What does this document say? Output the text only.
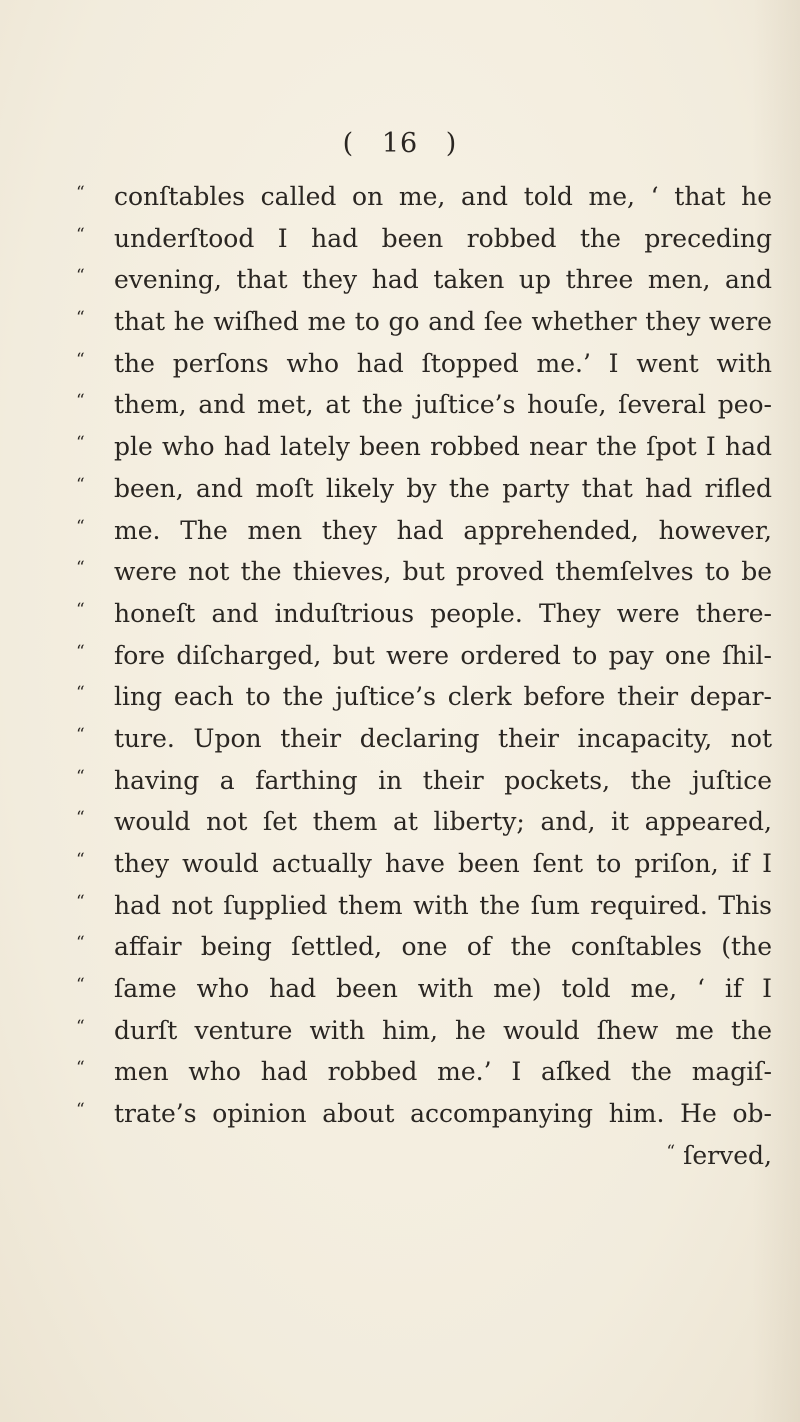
( 16 )
“	conſtables called on me, and told me, ‘ that he
“	underſtood I had been robbed the preceding
“	evening, that they had taken up three men, and
“	that he wiſhed me to go and ſee whether they were
“	the perſons who had ſtopped me.’ I went with
“	them, and met, at the juſtice’s houſe, ſeveral peo-
“	ple who had lately been robbed near the ſpot I had
“	been, and moſt likely by the party that had rifled
“	me. The men they had apprehended, however,
“	were not the thieves, but proved themſelves to be
“	honeſt and induſtrious people. They were there-
“	fore diſcharged, but were ordered to pay one ſhil-
“	ling each to the juſtice’s clerk before their depar-
“	ture. Upon their declaring their incapacity, not
“	having a farthing in their pockets, the juſtice
“	would not ſet them at liberty; and, it appeared,
“	they would actually have been ſent to priſon, if I
“	had not ſupplied them with the ſum required. This
“	affair being ſettled, one of the conſtables (the
“	ſame who had been with me) told me, ‘ if I
“	durſt venture with him, he would ſhew me the
“	men who had robbed me.’ I aſked the magiſ-
“	trate’s opinion about accompanying him. He ob-
“ ſerved,
